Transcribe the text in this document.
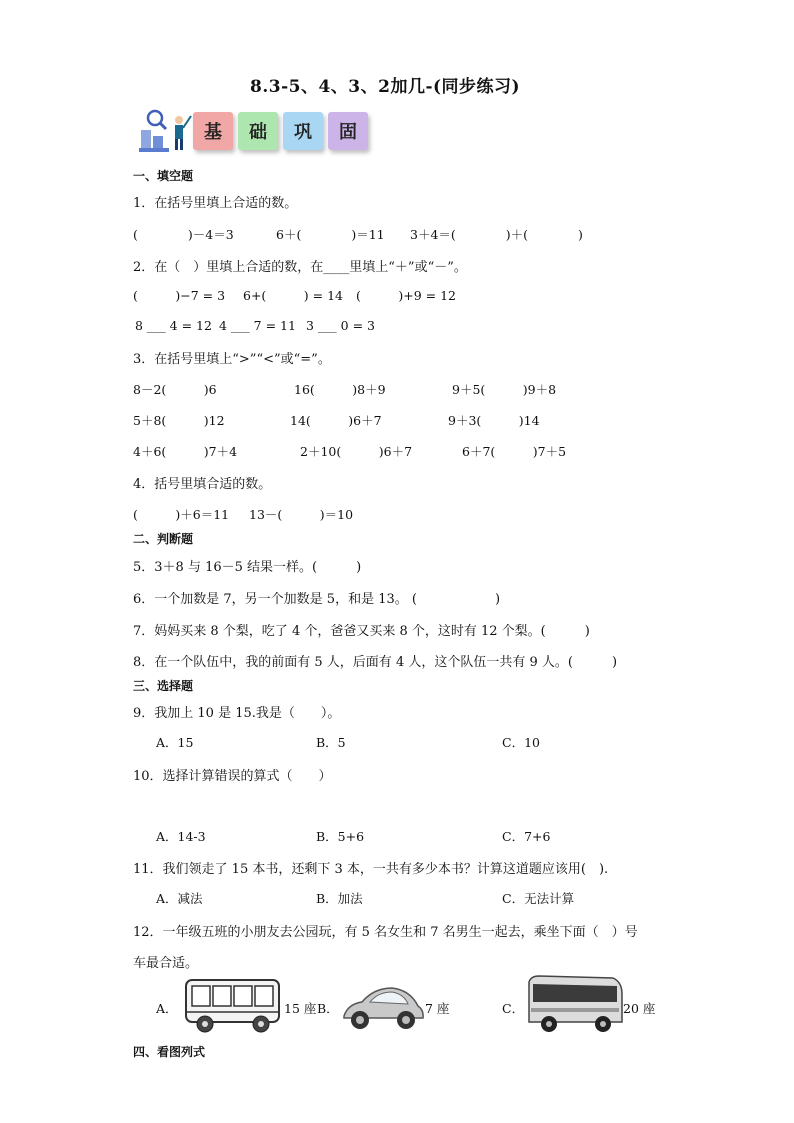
8.3-5、4、3、2加几-(同步练习)
基	础	巩	固
一、填空题
1．在括号里填上合适的数。
(　　　　)－4＝3	6＋(　　　　)＝11 3＋4＝(　　　　)＋(　　　　)
2．在（　）里填上合适的数，在____里填上“＋”或“－”。
(　　　)−7 = 3 6+(　　　) = 14 (　　　)+9 = 12
8 ___ 4 = 12 4 ___ 7 = 11 3 ___ 0 = 3
3．在括号里填上“>”“<”或“=”。
8－2(　　　)6	16(　　　)8＋9	9＋5(　　　)9＋8
5＋8(　　　)12	14(　　　)6＋7	9＋3(　　　)14
4＋6(　　　)7＋4	2＋10(　　　)6＋7	6＋7(　　　)7＋5
4．括号里填合适的数。
(　　　)＋6＝11 13－(　　　)＝10
二、判断题
5．3＋8 与 16－5 结果一样。(　　　)
6．一个加数是 7，另一个加数是 5，和是 13。 (　　　　　　)
7．妈妈买来 8 个梨，吃了 4 个，爸爸又买来 8 个，这时有 12 个梨。(　　　)
8．在一个队伍中，我的前面有 5 人，后面有 4 人，这个队伍一共有 9 人。(　　　)
三、选择题
9．我加上 10 是 15.我是（　　）。
A．15	B．5	C．10
10．选择计算错误的算式（　　）
A．14-3	B．5+6	C．7+6
11．我们领走了 15 本书，还剩下 3 本，一共有多少本书？计算这道题应该用(　).
A．减法	B．加法	C．无法计算
12．一年级五班的小朋友去公园玩，有 5 名女生和 7 名男生一起去，乘坐下面（　）号
车最合适。
A．	15 座 B．	7 座	C．	20 座
四、看图列式
